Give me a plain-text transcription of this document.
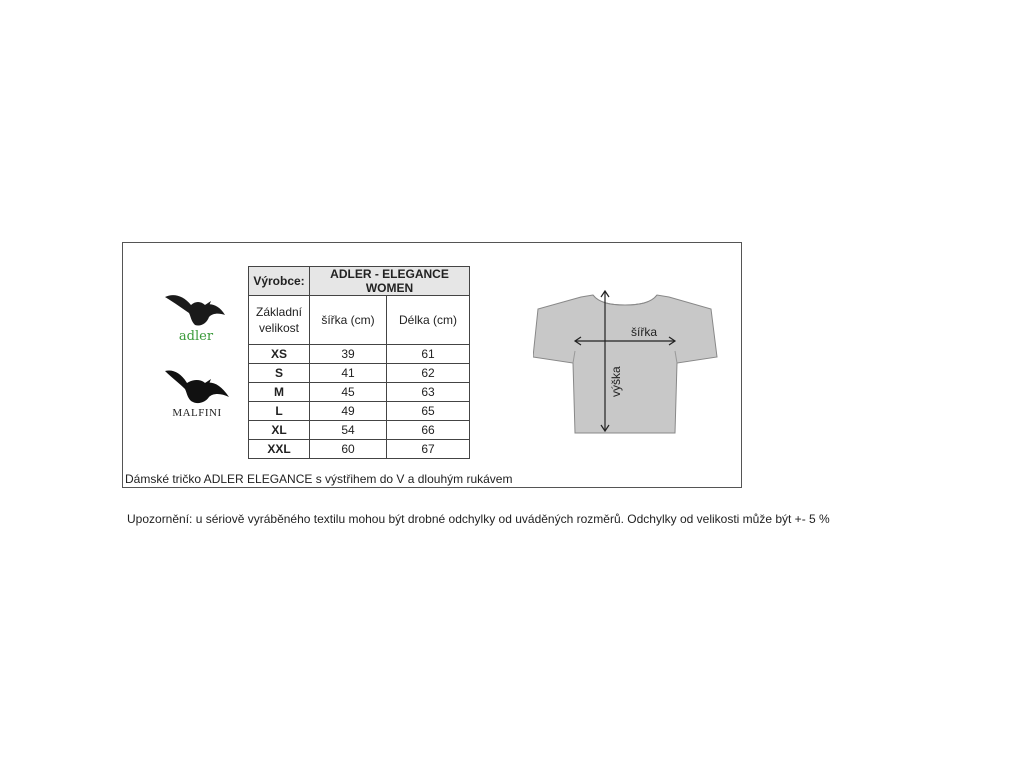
adler
MALFINI
Výrobce:	ADLER - ELEGANCE WOMEN	
Základní velikost	šířka (cm)	Délka (cm)
XS	39	61
S	41	62
M	45	63
L	49	65
XL	54	66
XXL	60	67
šířka
výška
Dámské tričko ADLER ELEGANCE s výstřihem do V a dlouhým rukávem
Upozornění: u sériově vyráběného textilu mohou být drobné odchylky od uváděných rozměrů. Odchylky od velikosti může být +- 5 %
